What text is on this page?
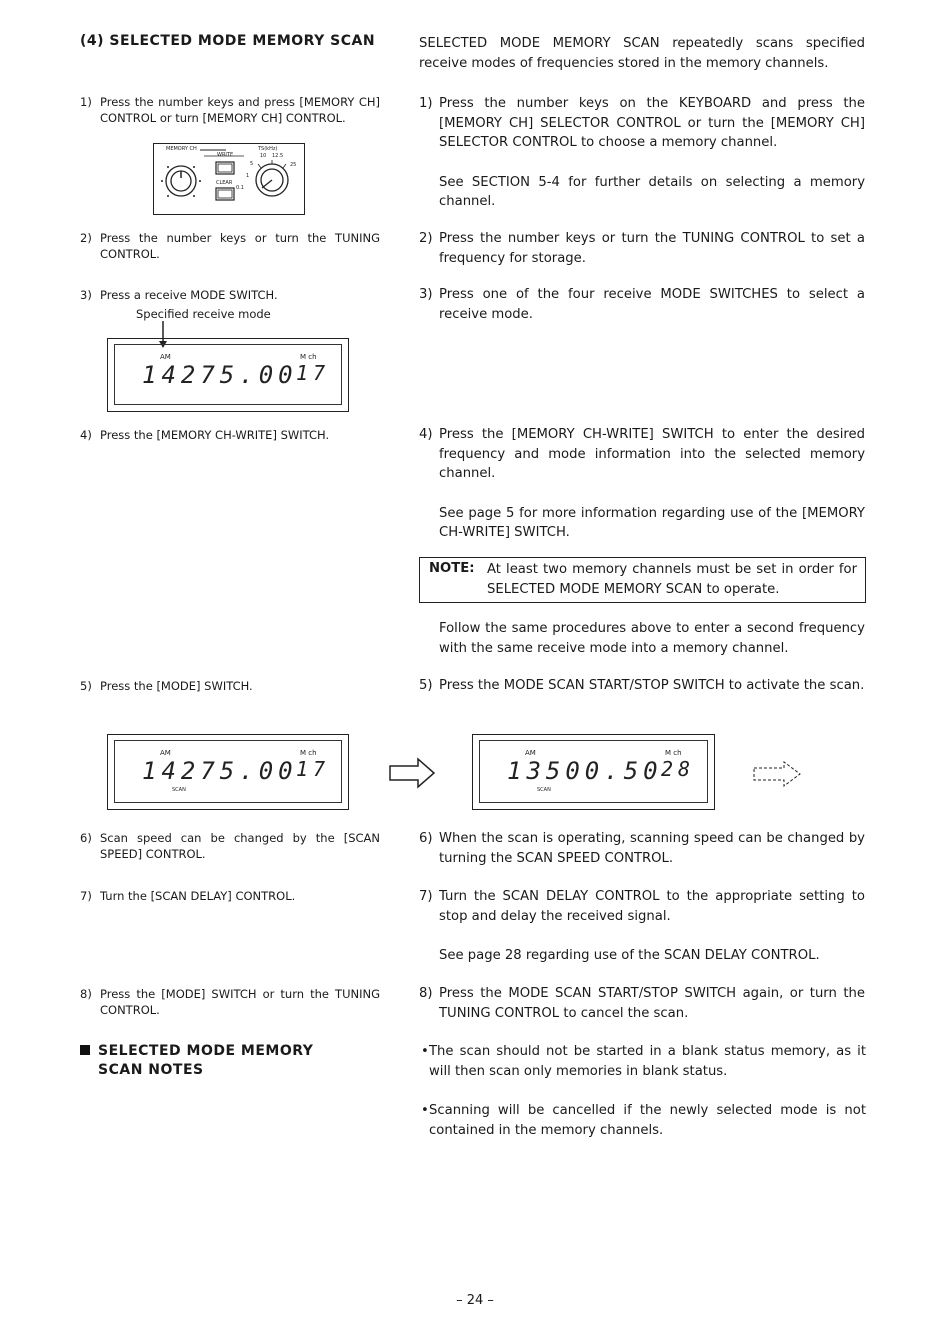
(4) SELECTED MODE MEMORY SCAN	SELECTED MODE MEMORY SCAN repeatedly scans specified receive modes of frequencies stored in the memory channels.
1) Press the number keys and press [MEMORY CH] CONTROL or turn [MEMORY CH] CONTROL.
MEMORY CH	TS(kHz)
WRITE	10 12.5
5	25
1
CLEAR
0.1
1) Press the number keys on the KEYBOARD and press the [MEMORY CH] SELECTOR CONTROL or turn the [MEMORY CH] SELECTOR CONTROL to choose a memory channel.
See SECTION 5-4 for further details on selecting a memory channel.
2) Press the number keys or turn the TUNING CONTROL.
2) Press the number keys or turn the TUNING CONTROL to set a frequency for storage.
3) Press a receive MODE SWITCH.
Specified receive mode
3) Press one of the four receive MODE SWITCHES to select a receive mode.
AM	M ch
14275.00
17
4) Press the [MEMORY CH-WRITE] SWITCH.	4) Press the [MEMORY CH-WRITE] SWITCH to enter the desired frequency and mode information into the selected memory channel.
See page 5 for more information regarding use of the [MEMORY CH-WRITE] SWITCH.
NOTE: At least two memory channels must be set in order for SELECTED MODE MEMORY SCAN to operate.
Follow the same procedures above to enter a second frequency with the same receive mode into a memory channel.
5) Press the [MODE] SWITCH.	5) Press the MODE SCAN START/STOP SWITCH to activate the scan.
AM	M ch
14275.00
17
SCAN
AM	M ch
13500.50
28
SCAN
6) Scan speed can be changed by the [SCAN SPEED] CONTROL.
6) When the scan is operating, scanning speed can be changed by turning the SCAN SPEED CONTROL.
7) Turn the [SCAN DELAY] CONTROL.	7) Turn the SCAN DELAY CONTROL to the appropriate setting to stop and delay the received signal.
See page 28 regarding use of the SCAN DELAY CONTROL.
8) Press the [MODE] SWITCH or turn the TUNING CONTROL.
8) Press the MODE SCAN START/STOP SWITCH again, or turn the TUNING CONTROL to cancel the scan.
SELECTED MODE MEMORY
SCAN NOTES
• The scan should not be started in a blank status memory, as it will then scan only memories in blank status.
• Scanning will be cancelled if the newly selected mode is not contained in the memory channels.
– 24 –
